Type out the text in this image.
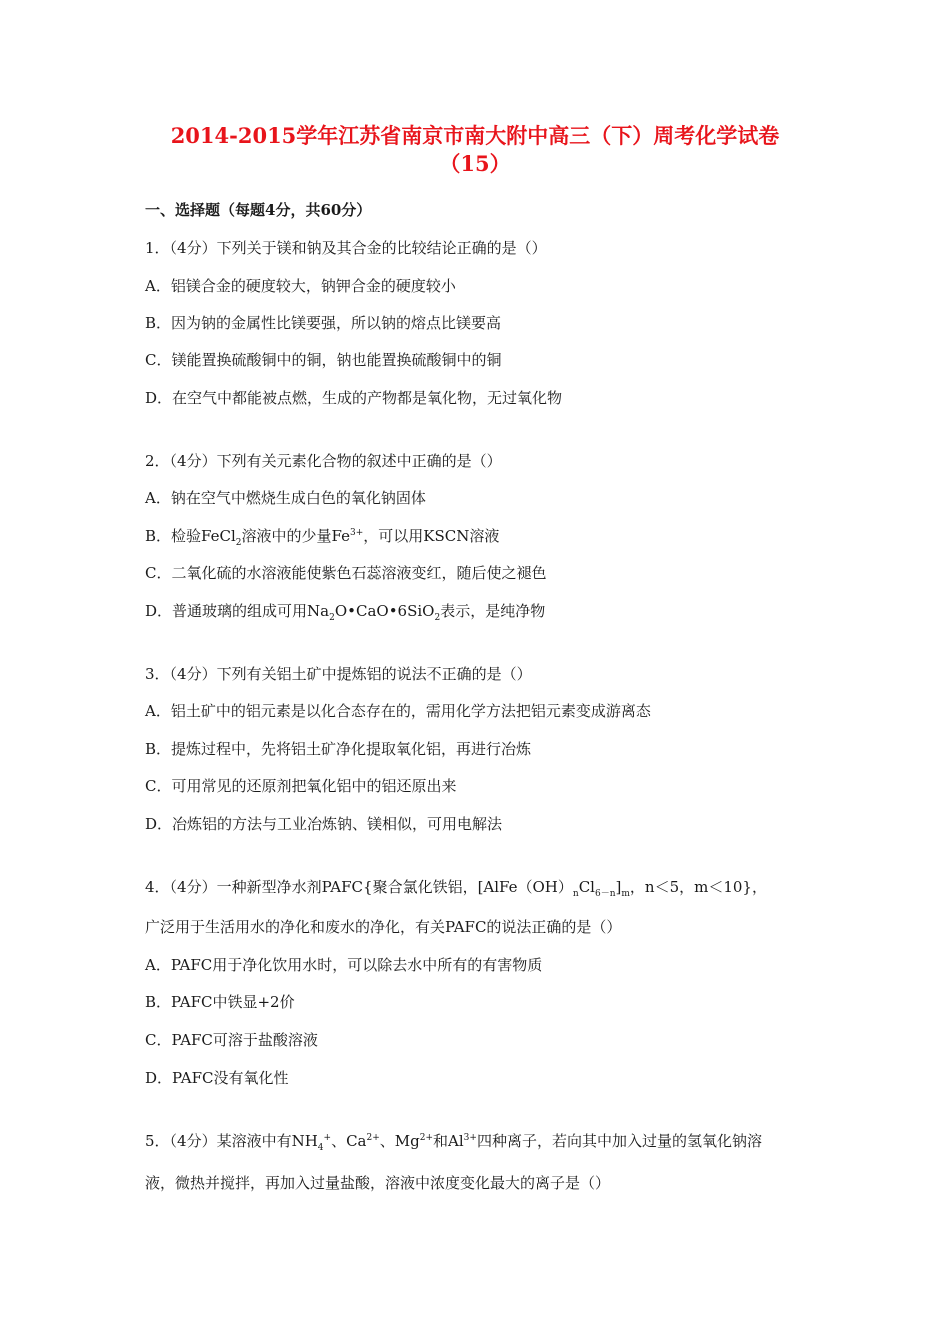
2014-2015学年江苏省南京市南大附中高三（下）周考化学试卷
（15）
一、选择题（每题4分，共60分）
1．（4分）下列关于镁和钠及其合金的比较结论正确的是（）
A．铝镁合金的硬度较大，钠钾合金的硬度较小
B．因为钠的金属性比镁要强，所以钠的熔点比镁要高
C．镁能置换硫酸铜中的铜，钠也能置换硫酸铜中的铜
D．在空气中都能被点燃，生成的产物都是氧化物，无过氧化物
2．（4分）下列有关元素化合物的叙述中正确的是（）
A．钠在空气中燃烧生成白色的氧化钠固体
B．检验FeCl$_2$溶液中的少量$Fe^{3+}$，可以用KSCN溶液
C．二氧化硫的水溶液能使紫色石蕊溶液变红，随后使之褪色
D．普通玻璃的组成可用$Na_2O•CaO•6SiO_2$表示，是纯净物
3．（4分）下列有关铝土矿中提炼铝的说法不正确的是（）
A．铝土矿中的铝元素是以化合态存在的，需用化学方法把铝元素变成游离态
B．提炼过程中，先将铝土矿净化提取氧化铝，再进行冶炼
C．可用常见的还原剂把氧化铝中的铝还原出来
D．冶炼铝的方法与工业冶炼钠、镁相似，可用电解法
4．（4分）一种新型净水剂PAFC{聚合氯化铁铝，$[AlFe(OH)_nCl_{6-n}]_m$，n＜5，m＜10}，
广泛用于生活用水的净化和废水的净化，有关PAFC的说法正确的是（）
A．PAFC用于净化饮用水时，可以除去水中所有的有害物质
B．PAFC中铁显+2价
C．PAFC可溶于盐酸溶液
D．PAFC没有氧化性
5．（4分）某溶液中有$NH_4^+$、$Ca^{2+}$、$Mg^{2+}$和$Al^{3+}$四种离子，若向其中加入过量的氢氧化钠溶
液，微热并搅拌，再加入过量盐酸，溶液中浓度变化最大的离子是（）
